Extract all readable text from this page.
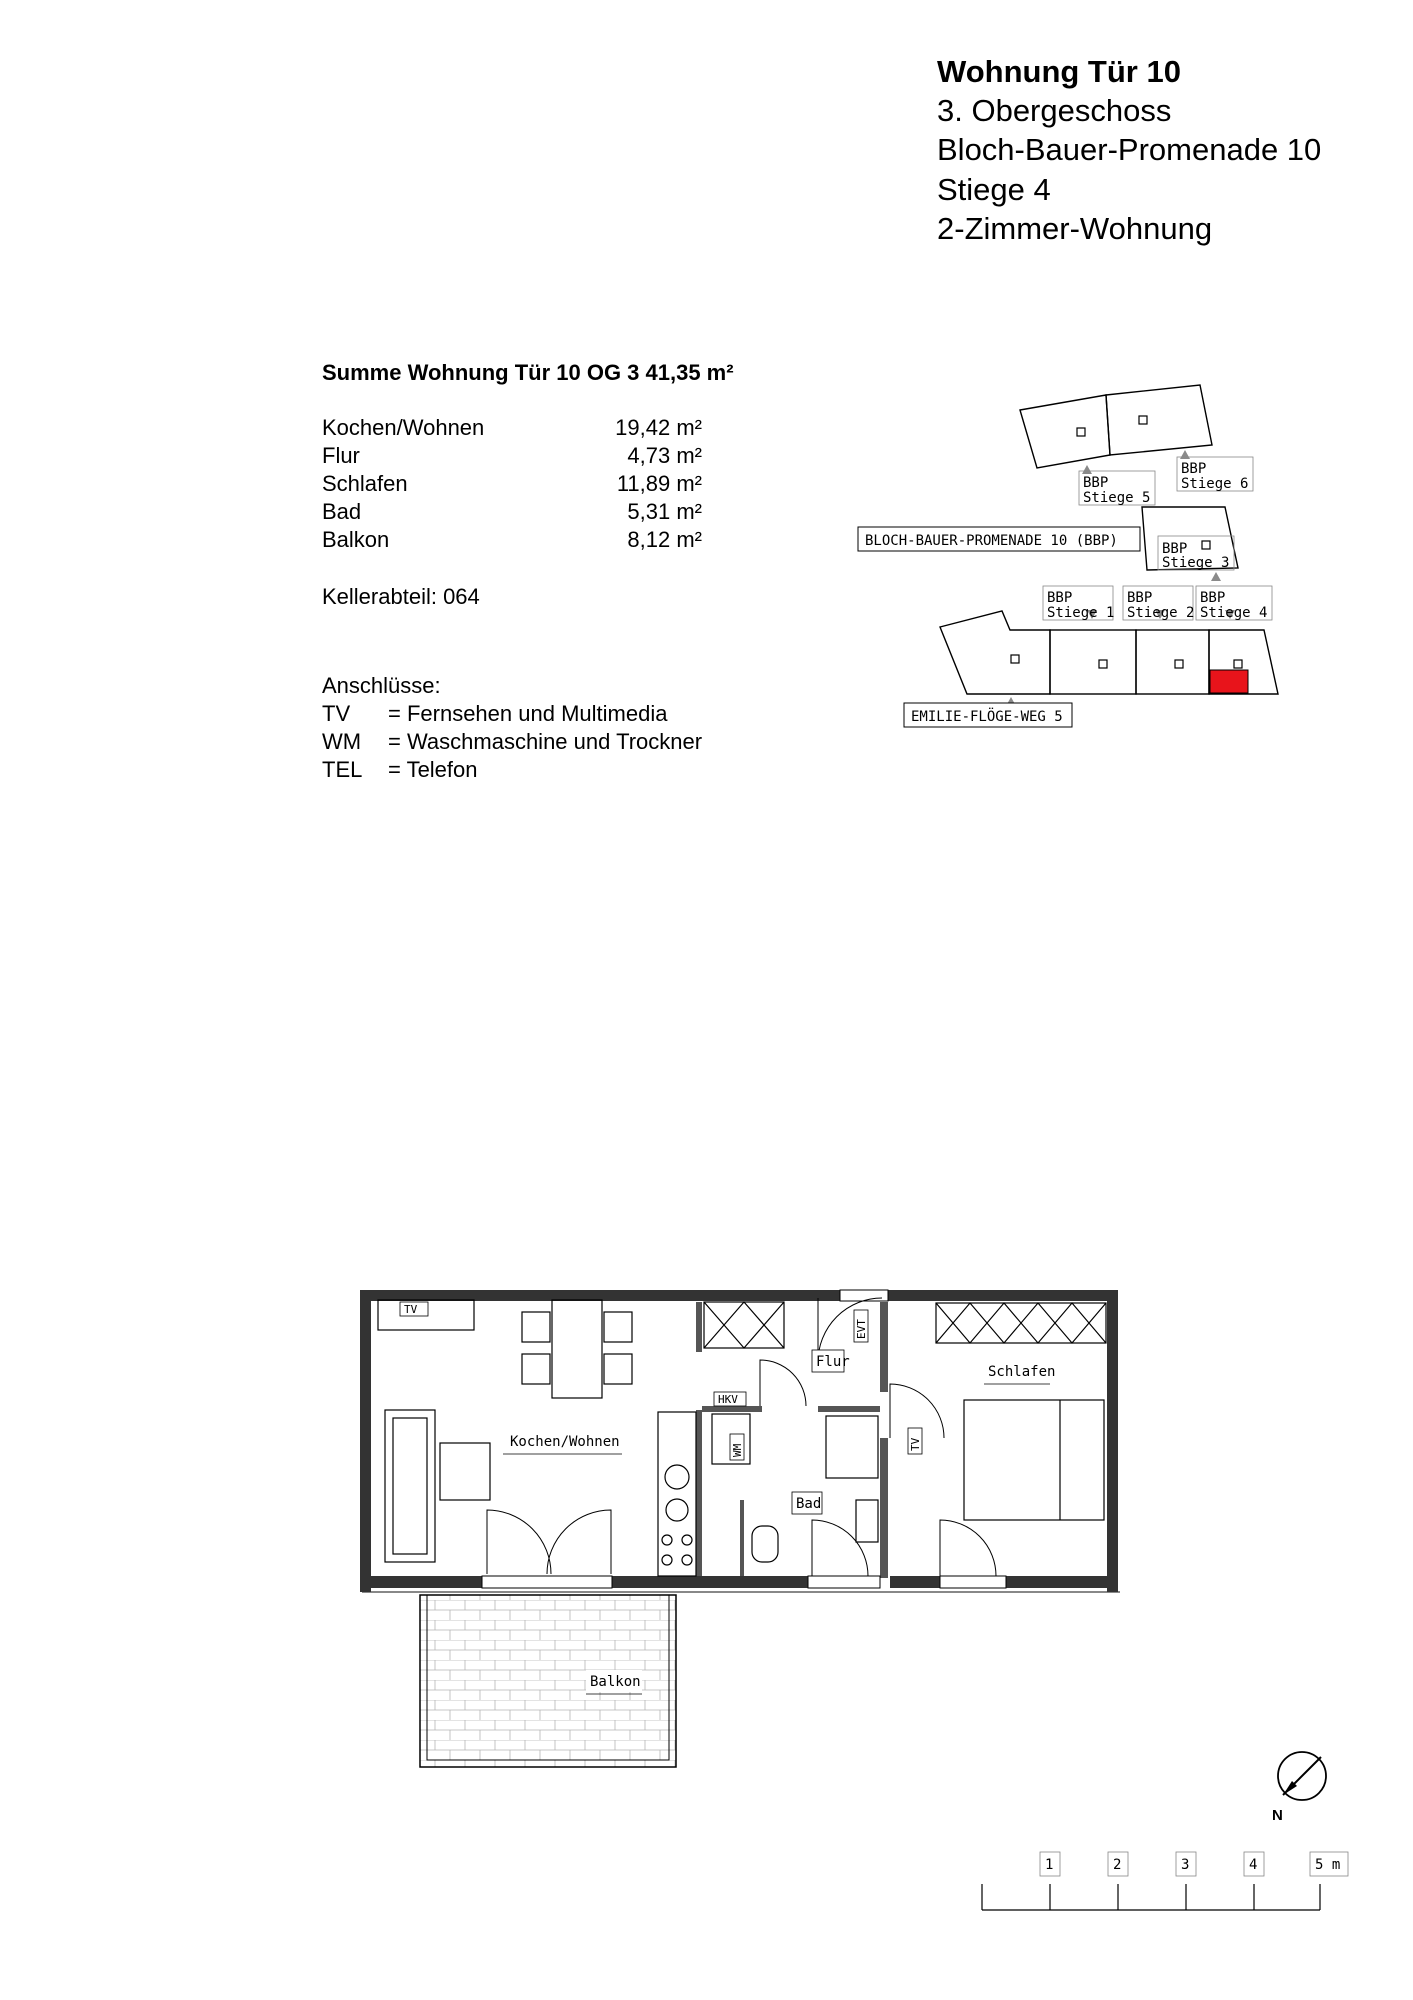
Wohnung Tür 10
3. Obergeschoss
Bloch-Bauer-Promenade 10
Stiege 4
2-Zimmer-Wohnung
Summe Wohnung Tür 10 OG 3 41,35 m²
Kochen/Wohnen	19,42 m²
Flur	4,73 m²
Schlafen	11,89 m²
Bad	5,31 m²
Balkon	8,12 m²
Kellerabteil: 064
Anschlüsse:
TV = Fernsehen und Multimedia
WM = Waschmaschine und Trockner
TEL = Telefon
BLOCH-BAUER-PROMENADE 10 (BBP)
EMILIE-FLÖGE-WEG 5
BBP
Stiege 5
BBP
Stiege 6
BBP
Stiege 3
BBP
Stiege 1
BBP
Stiege 2
BBP
Stiege 4
Kochen/Wohnen
Flur
Schlafen
Bad
Balkon
TV
HKV
EVT
WM	TV
N
1	2	3	4	5 m
